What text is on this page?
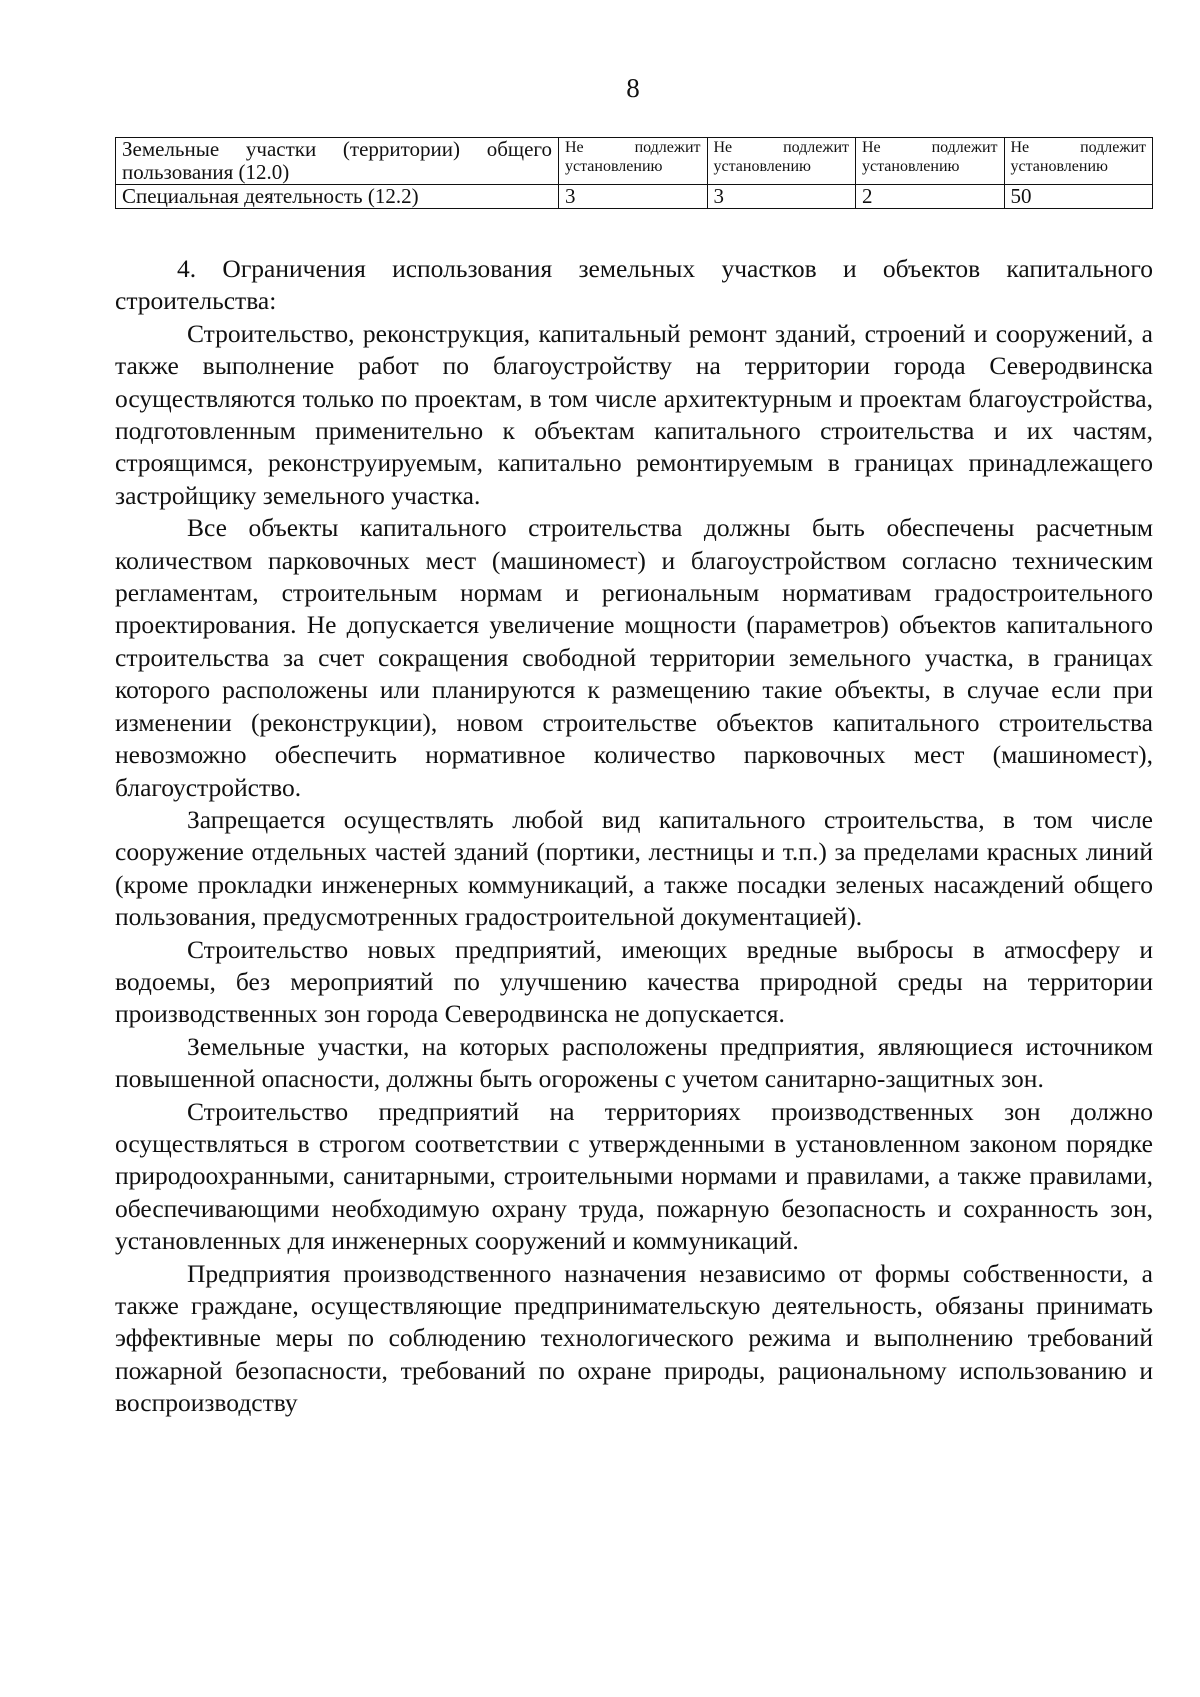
8
Земельные участки (территории) общего пользования (12.0)	Не подлежит установлению	Не подлежит установлению	Не подлежит установлению	Не подлежит установлению
Специальная деятельность (12.2)	3	3	2	50

4. Ограничения использования земельных участков и объектов капитального строительства:

Строительство, реконструкция, капитальный ремонт зданий, строений и сооружений, а также выполнение работ по благоустройству на территории города Северодвинска осуществляются только по проектам, в том числе архитектурным и проектам благоустройства, подготовленным применительно к объектам капитального строительства и их частям, строящимся, реконструируемым, капитально ремонтируемым в границах принадлежащего застройщику земельного участка.

Все объекты капитального строительства должны быть обеспечены расчетным количеством парковочных мест (машиномест) и благоустройством согласно техническим регламентам, строительным нормам и региональным нормативам градостроительного проектирования. Не допускается увеличение мощности (параметров) объектов капитального строительства за счет сокращения свободной территории земельного участка, в границах которого расположены или планируются к размещению такие объекты, в случае если при изменении (реконструкции), новом строительстве объектов капитального строительства невозможно обеспечить нормативное количество парковочных мест (машиномест), благоустройство.

Запрещается осуществлять любой вид капитального строительства, в том числе сооружение отдельных частей зданий (портики, лестницы и т.п.) за пределами красных линий (кроме прокладки инженерных коммуникаций, а также посадки зеленых насаждений общего пользования, предусмотренных градостроительной документацией).

Строительство новых предприятий, имеющих вредные выбросы в атмосферу и водоемы, без мероприятий по улучшению качества природной среды на территории производственных зон города Северодвинска не допускается.

Земельные участки, на которых расположены предприятия, являющиеся источником повышенной опасности, должны быть огорожены с учетом санитарно-защитных зон.

Строительство предприятий на территориях производственных зон должно осуществляться в строгом соответствии с утвержденными в установленном законом порядке природоохранными, санитарными, строительными нормами и правилами, а также правилами, обеспечивающими необходимую охрану труда, пожарную безопасность и сохранность зон, установленных для инженерных сооружений и коммуникаций.

Предприятия производственного назначения независимо от формы собственности, а также граждане, осуществляющие предпринимательскую деятельность, обязаны принимать эффективные меры по соблюдению технологического режима и выполнению требований пожарной безопасности, требований по охране природы, рациональному использованию и воспроизводству
